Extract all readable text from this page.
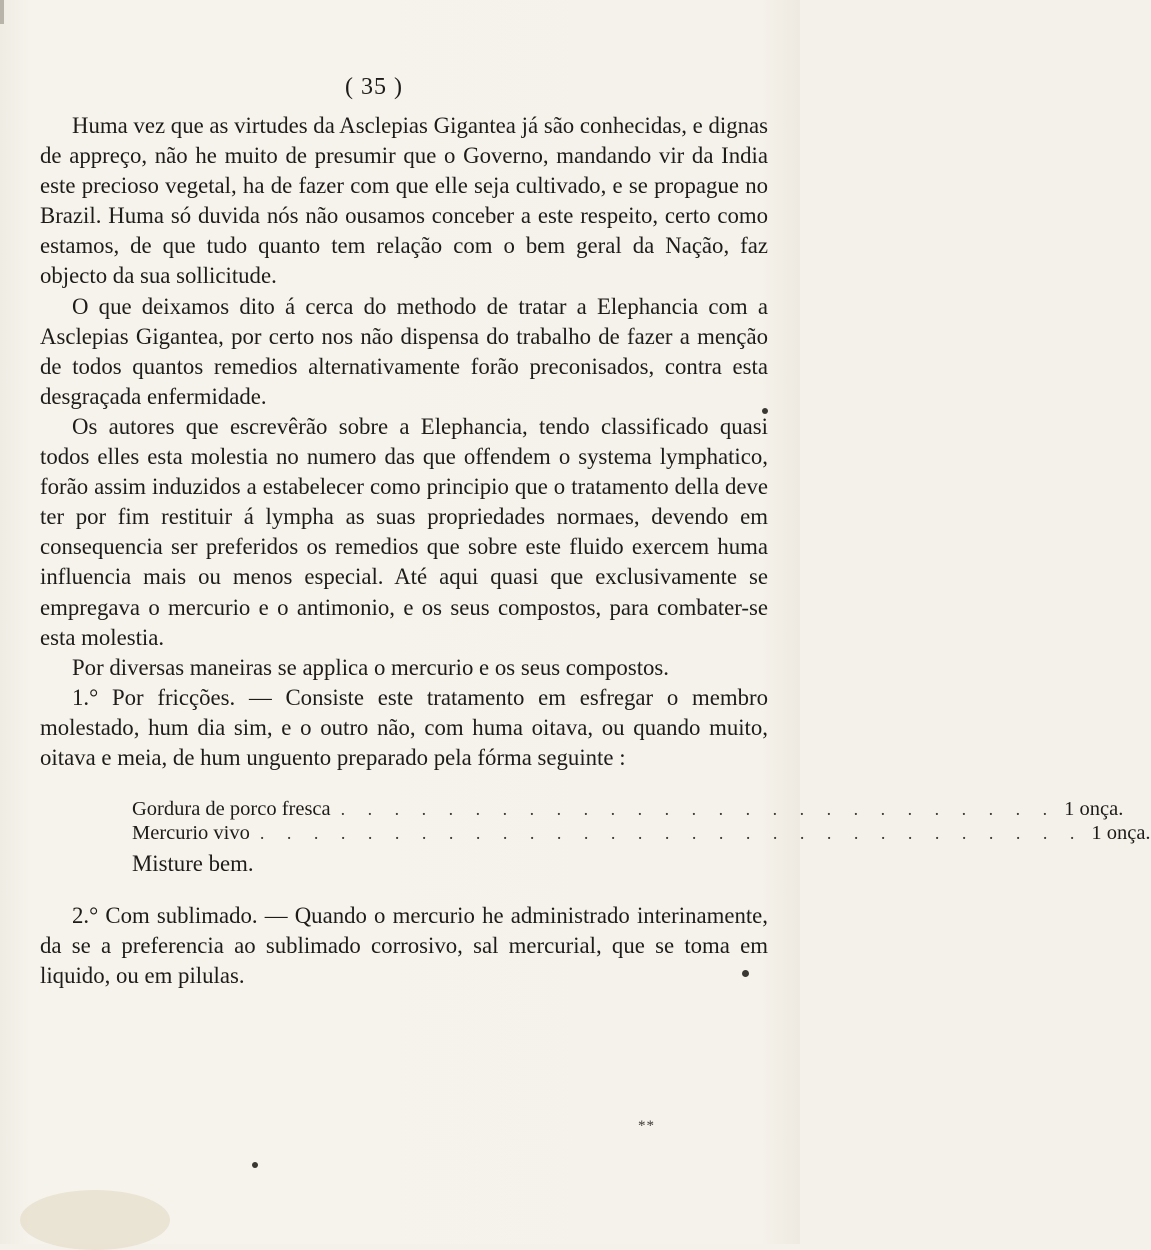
( 35 )

Huma vez que as virtudes da Asclepias Gigantea já são conhecidas, e dignas de appreço, não he muito de presumir que o Governo, mandando vir da India este precioso vegetal, ha de fazer com que elle seja cultivado, e se propague no Brazil. Huma só duvida nós não ousamos conceber a este respeito, certo como estamos, de que tudo quanto tem relação com o bem geral da Nação, faz objecto da sua sollicitude.

O que deixamos dito á cerca do methodo de tratar a Elephancia com a Asclepias Gigantea, por certo nos não dispensa do trabalho de fazer a menção de todos quantos remedios alternativamente forão preconisados, contra esta desgraçada enfermidade.

Os autores que escrevêrão sobre a Elephancia, tendo classificado quasi todos elles esta molestia no numero das que offendem o systema lymphatico, forão assim induzidos a estabelecer como principio que o tratamento della deve ter por fim restituir á lympha as suas propriedades normaes, devendo em consequencia ser preferidos os remedios que sobre este fluido exercem huma influencia mais ou menos especial. Até aqui quasi que exclusivamente se empregava o mercurio e o antimonio, e os seus compostos, para combater-se esta molestia.

Por diversas maneiras se applica o mercurio e os seus compostos.

1.° Por fricções. — Consiste este tratamento em esfregar o membro molestado, hum dia sim, e o outro não, com huma oitava, ou quando muito, oitava e meia, de hum unguento preparado pela fórma seguinte :

Gordura de porco fresca . . . . . . . . . . . . . . . . . . . . . . . . . . . 1 onça.
Mercurio vivo . . . . . . . . . . . . . . . . . . . . . . . . . . . . . . . 1 onça.
Misture bem.

2.° Com sublimado. — Quando o mercurio he administrado interinamente, da se a preferencia ao sublimado corrosivo, sal mercurial, que se toma em liquido, ou em pilulas.

**
